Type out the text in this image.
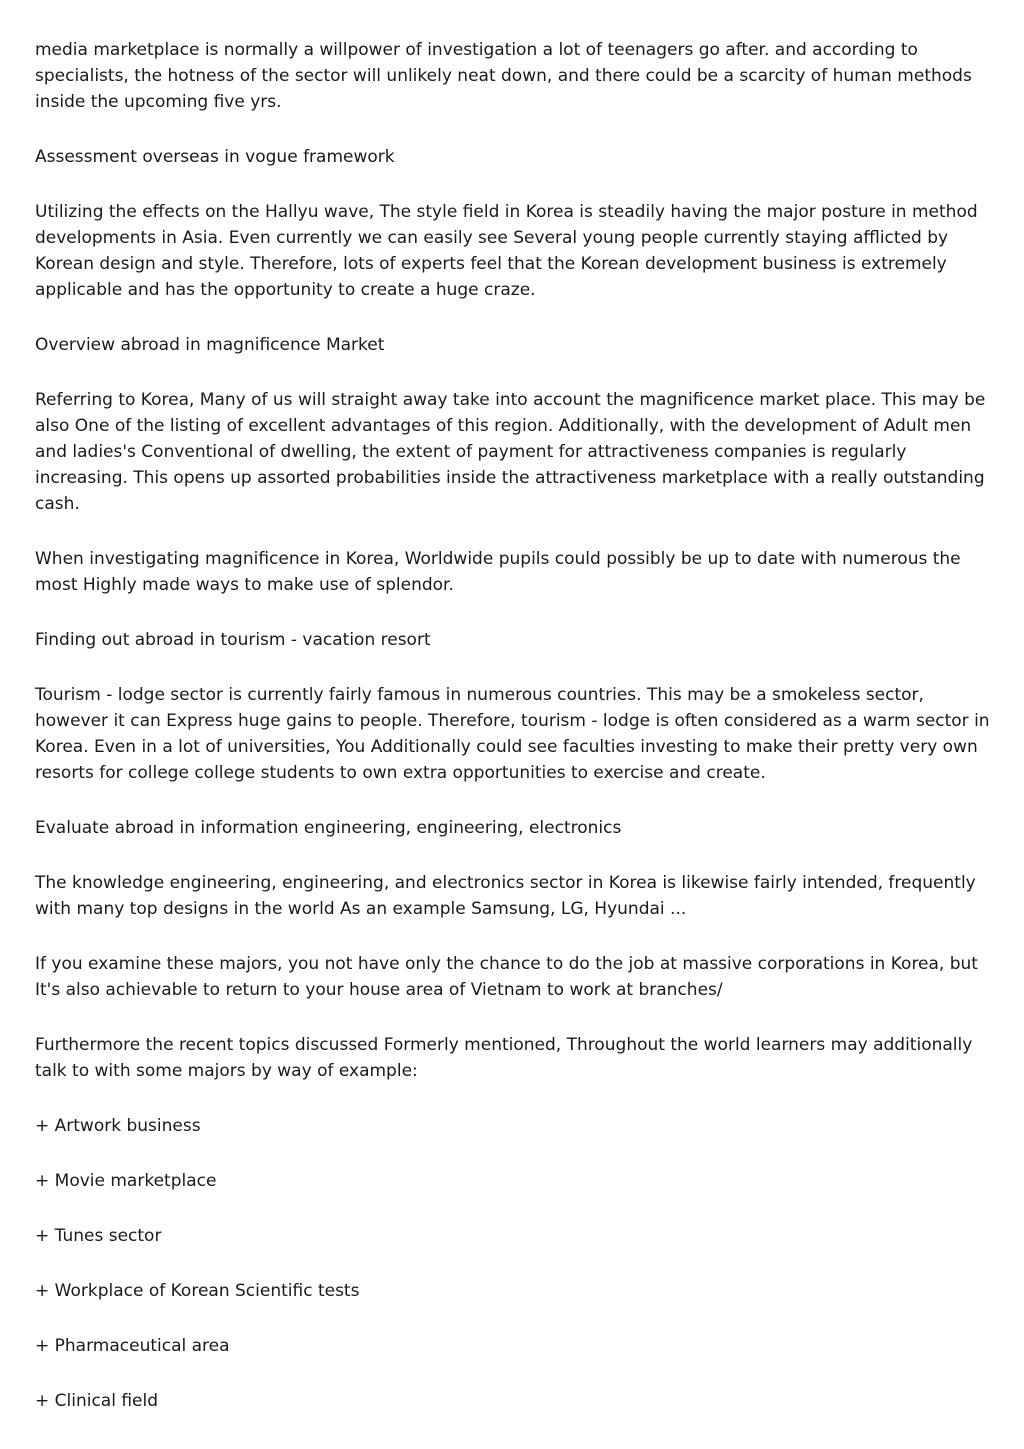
media marketplace is normally a willpower of investigation a lot of teenagers go after. and according to specialists, the hotness of the sector will unlikely neat down, and there could be a scarcity of human methods inside the upcoming five yrs.

Assessment overseas in vogue framework

Utilizing the effects on the Hallyu wave, The style field in Korea is steadily having the major posture in method developments in Asia. Even currently we can easily see Several young people currently staying afflicted by Korean design and style. Therefore, lots of experts feel that the Korean development business is extremely applicable and has the opportunity to create a huge craze.

Overview abroad in magnificence Market

Referring to Korea, Many of us will straight away take into account the magnificence market place. This may be also One of the listing of excellent advantages of this region. Additionally, with the development of Adult men and ladies's Conventional of dwelling, the extent of payment for attractiveness companies is regularly increasing. This opens up assorted probabilities inside the attractiveness marketplace with a really outstanding cash.

When investigating magnificence in Korea, Worldwide pupils could possibly be up to date with numerous the most Highly made ways to make use of splendor.

Finding out abroad in tourism - vacation resort

Tourism - lodge sector is currently fairly famous in numerous countries. This may be a smokeless sector, however it can Express huge gains to people. Therefore, tourism - lodge is often considered as a warm sector in Korea. Even in a lot of universities, You Additionally could see faculties investing to make their pretty very own resorts for college college students to own extra opportunities to exercise and create.

Evaluate abroad in information engineering, engineering, electronics

The knowledge engineering, engineering, and electronics sector in Korea is likewise fairly intended, frequently with many top designs in the world As an example Samsung, LG, Hyundai ...

If you examine these majors, you not have only the chance to do the job at massive corporations in Korea, but It's also achievable to return to your house area of Vietnam to work at branches/

Furthermore the recent topics discussed Formerly mentioned, Throughout the world learners may additionally talk to with some majors by way of example:

+ Artwork business

+ Movie marketplace

+ Tunes sector

+ Workplace of Korean Scientific tests

+ Pharmaceutical area

+ Clinical field
